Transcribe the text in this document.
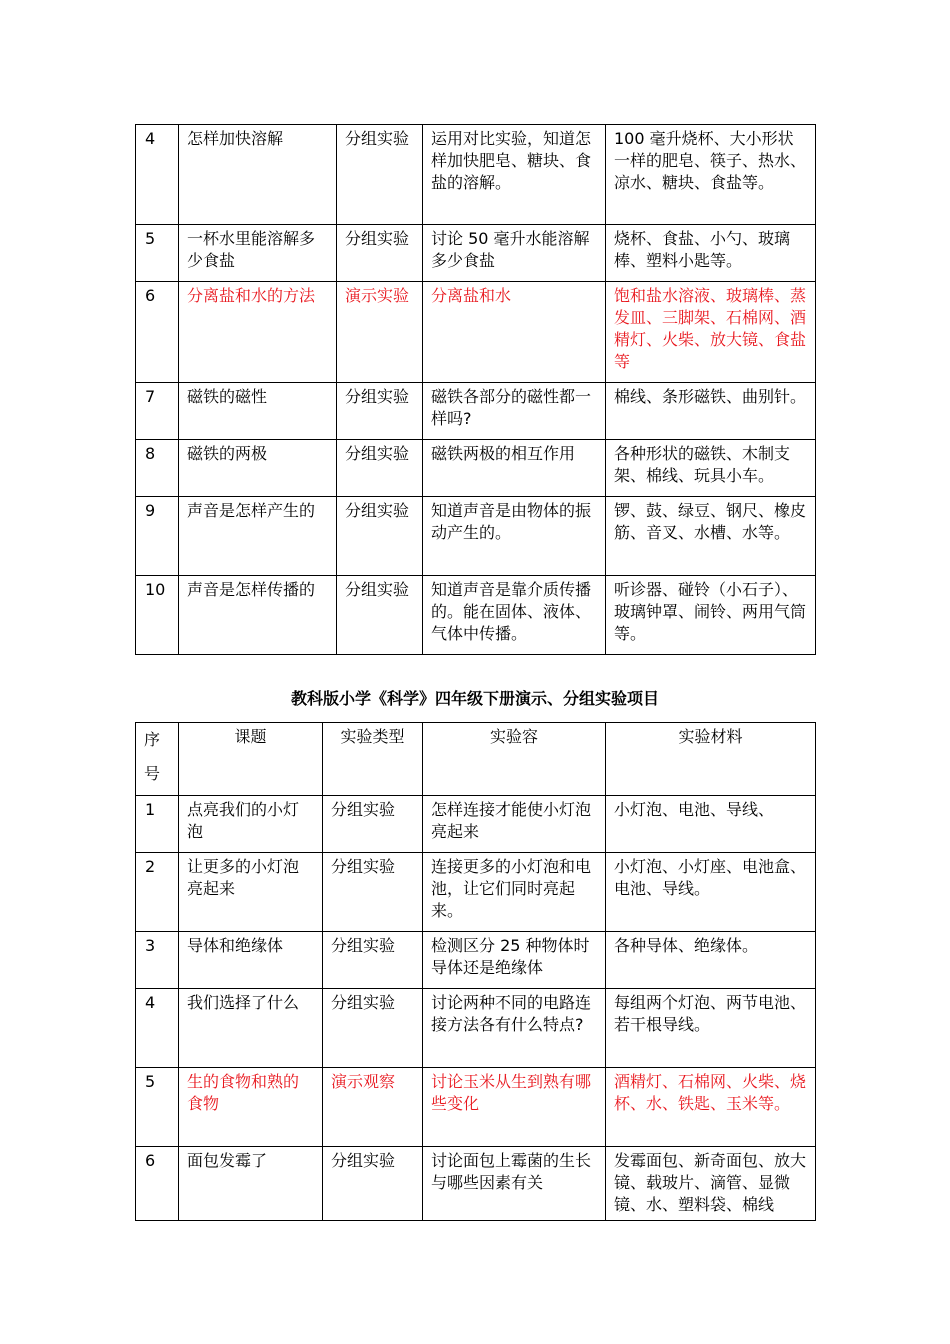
4	怎样加快溶解	分组实验	运用对比实验，知道怎样加快肥皂、糖块、食盐的溶解。	100 毫升烧杯、大小形状一样的肥皂、筷子、热水、凉水、糖块、食盐等。
5	一杯水里能溶解多少食盐	分组实验	讨论 50 毫升水能溶解多少食盐	烧杯、食盐、小勺、玻璃棒、塑料小匙等。
6	分离盐和水的方法	演示实验	分离盐和水	饱和盐水溶液、玻璃棒、蒸发皿、三脚架、石棉网、酒精灯、火柴、放大镜、食盐等
7	磁铁的磁性	分组实验	磁铁各部分的磁性都一样吗?	棉线、条形磁铁、曲别针。
8	磁铁的两极	分组实验	磁铁两极的相互作用	各种形状的磁铁、木制支架、棉线、玩具小车。
9	声音是怎样产生的	分组实验	知道声音是由物体的振动产生的。	锣、鼓、绿豆、钢尺、橡皮筋、音叉、水槽、水等。
10	声音是怎样传播的	分组实验	知道声音是靠介质传播的。能在固体、液体、气体中传播。	听诊器、碰铃（小石子）、玻璃钟罩、闹铃、两用气筒等。
教科版小学《科学》四年级下册演示、分组实验项目
序号	课题	实验类型	实验容	实验材料
1	点亮我们的小灯泡	分组实验	怎样连接才能使小灯泡亮起来	小灯泡、电池、导线、
2	让更多的小灯泡亮起来	分组实验	连接更多的小灯泡和电池，让它们同时亮起来。	小灯泡、小灯座、电池盒、电池、导线。
3	导体和绝缘体	分组实验	检测区分 25 种物体时导体还是绝缘体	各种导体、绝缘体。
4	我们选择了什么	分组实验	讨论两种不同的电路连接方法各有什么特点?	每组两个灯泡、两节电池、若干根导线。
5	生的食物和熟的食物	演示观察	讨论玉米从生到熟有哪些变化	酒精灯、石棉网、火柴、烧杯、水、铁匙、玉米等。
6	面包发霉了	分组实验	讨论面包上霉菌的生长与哪些因素有关	发霉面包、新奇面包、放大镜、载玻片、滴管、显微镜、水、塑料袋、棉线
